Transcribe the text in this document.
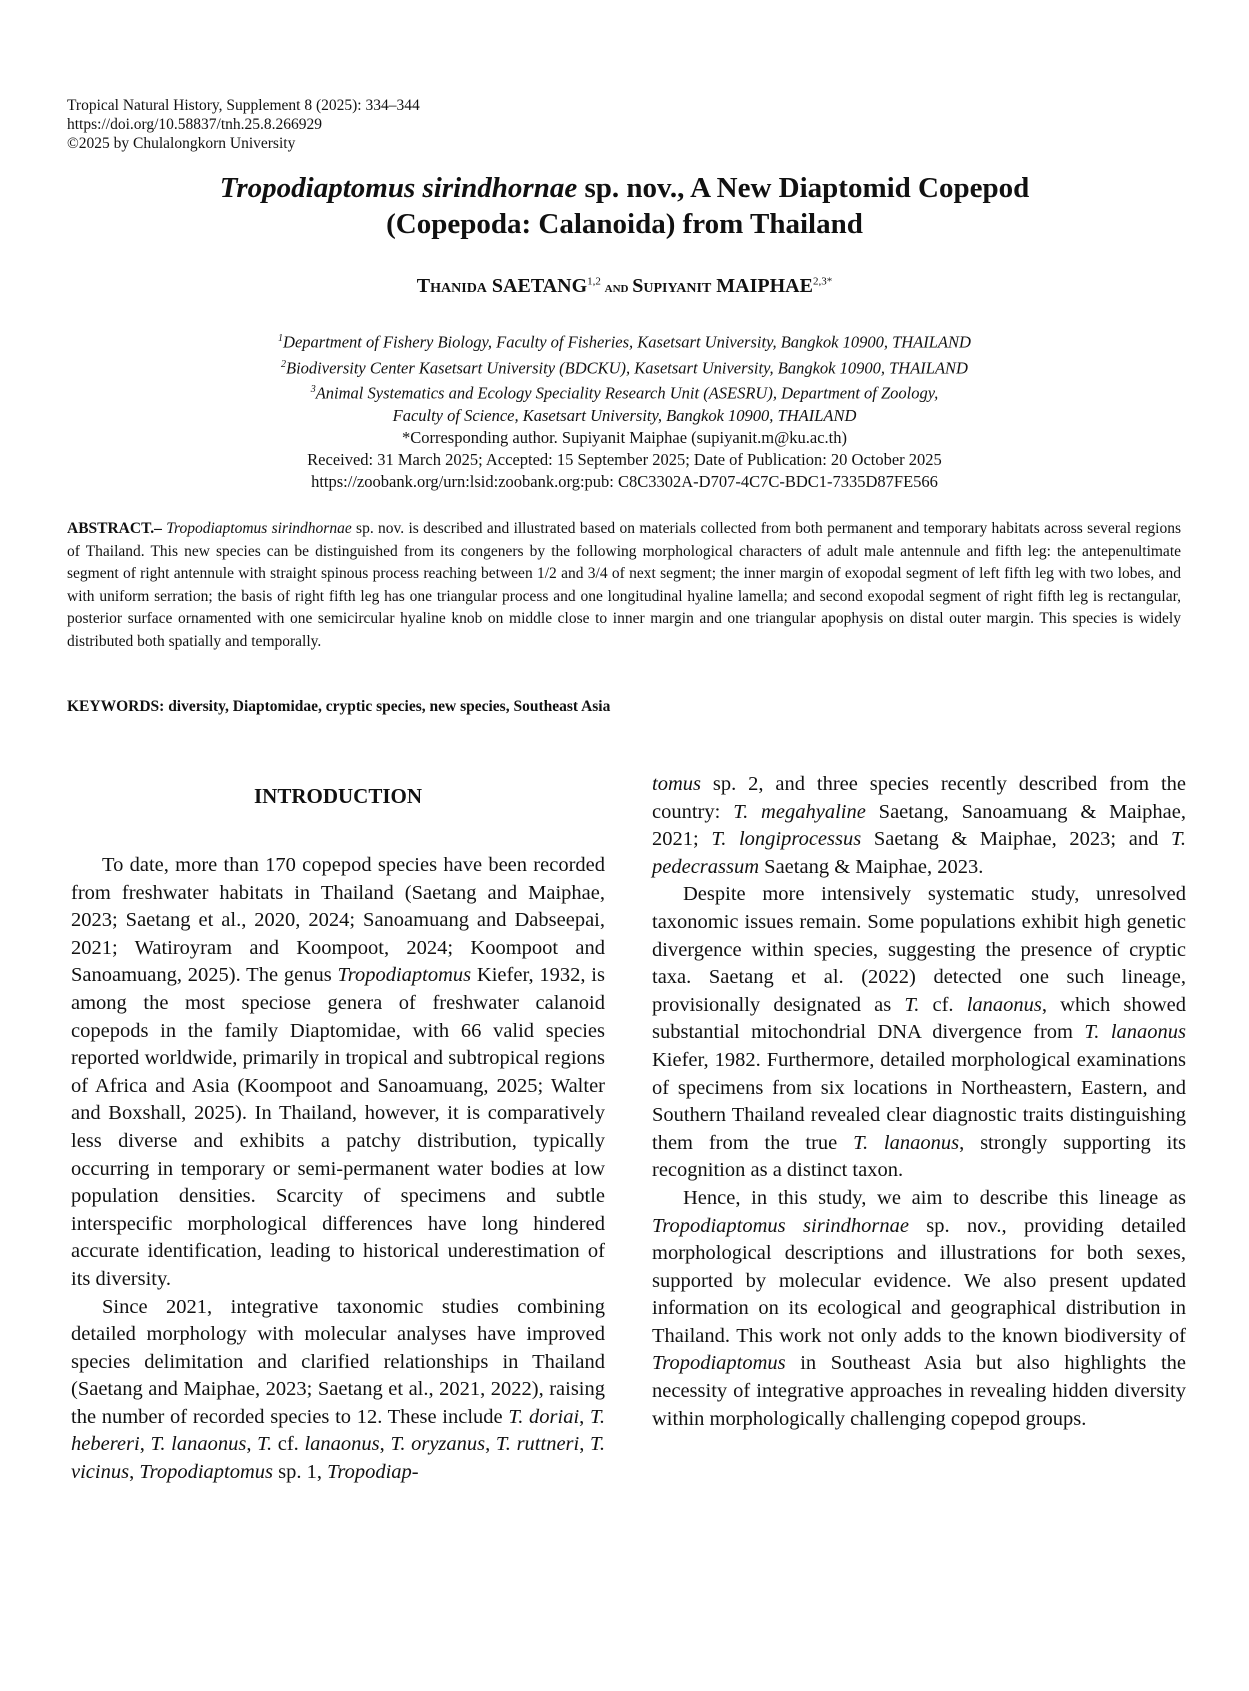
Tropical Natural History, Supplement 8 (2025): 334–344
https://doi.org/10.58837/tnh.25.8.266929
©2025 by Chulalongkorn University
Tropodiaptomus sirindhornae sp. nov., A New Diaptomid Copepod
(Copepoda: Calanoida) from Thailand
Thanida SAETANG$^{1,2}$ and Supiyanit $MAIPHAE^{2,3*}$
$^1$Department of Fishery Biology, Faculty of Fisheries, Kasetsart University, Bangkok 10900, THAILAND
$^2$Biodiversity Center Kasetsart University (BDCKU), Kasetsart University, Bangkok 10900, THAILAND
$^3$Animal Systematics and Ecology Speciality Research Unit (ASESRU), Department of Zoology,
Faculty of Science, Kasetsart University, Bangkok 10900, THAILAND
*Corresponding author. Supiyanit Maiphae (supiyanit.m@ku.ac.th)
Received: 31 March 2025; Accepted: 15 September 2025; Date of Publication: 20 October 2025
https://zoobank.org/urn:lsid:zoobank.org:pub: C8C3302A-D707-4C7C-BDC1-7335D87FE566
ABSTRACT.– Tropodiaptomus sirindhornae sp. nov. is described and illustrated based on materials collected from both permanent and temporary habitats across several regions of Thailand. This new species can be distinguished from its congeners by the following morphological characters of adult male antennule and fifth leg: the antepenultimate segment of right antennule with straight spinous process reaching between 1/2 and 3/4 of next segment; the inner margin of exopodal segment of left fifth leg with two lobes, and with uniform serration; the basis of right fifth leg has one triangular process and one longitudinal hyaline lamella; and second exopodal segment of right fifth leg is rectangular, posterior surface ornamented with one semicircular hyaline knob on middle close to inner margin and one triangular apophysis on distal outer margin. This species is widely distributed both spatially and temporally.
KEYWORDS: diversity, Diaptomidae, cryptic species, new species, Southeast Asia
INTRODUCTION

To date, more than 170 copepod species have been recorded from freshwater habitats in Thailand (Saetang and Maiphae, 2023; Saetang et al., 2020, 2024; Sanoamuang and Dabseepai, 2021; Watiroyram and Koompoot, 2024; Koompoot and Sanoamuang, 2025). The genus Tropodiaptomus Kiefer, 1932, is among the most speciose genera of freshwater calanoid copepods in the family Diaptomidae, with 66 valid species reported worldwide, primarily in tropical and subtropical regions of Africa and Asia (Koompoot and Sanoamuang, 2025; Walter and Boxshall, 2025). In Thailand, however, it is comparatively less diverse and exhibits a patchy distribution, typically occurring in temporary or semi-permanent water bodies at low population densities. Scarcity of specimens and subtle interspecific morphological differences have long hindered accurate identification, leading to historical underestimation of its diversity.

Since 2021, integrative taxonomic studies combining detailed morphology with molecular analyses have improved species delimitation and clarified relationships in Thailand (Saetang and Maiphae, 2023; Saetang et al., 2021, 2022), raising the number of recorded species to 12. These include T. doriai, T. hebereri, T. lanaonus, T. cf. lanaonus, T. oryzanus, T. ruttneri, T. vicinus, Tropodiaptomus sp. 1, Tropodiap-

tomus sp. 2, and three species recently described from the country: T. megahyaline Saetang, Sanoamuang & Maiphae, 2021; T. longiprocessus Saetang & Maiphae, 2023; and T. pedecrassum Saetang & Maiphae, 2023.

Despite more intensively systematic study, unresolved taxonomic issues remain. Some populations exhibit high genetic divergence within species, suggesting the presence of cryptic taxa. Saetang et al. (2022) detected one such lineage, provisionally designated as T. cf. lanaonus, which showed substantial mitochondrial DNA divergence from T. lanaonus Kiefer, 1982. Furthermore, detailed morphological examinations of specimens from six locations in Northeastern, Eastern, and Southern Thailand revealed clear diagnostic traits distinguishing them from the true T. lanaonus, strongly supporting its recognition as a distinct taxon.

Hence, in this study, we aim to describe this lineage as Tropodiaptomus sirindhornae sp. nov., providing detailed morphological descriptions and illustrations for both sexes, supported by molecular evidence. We also present updated information on its ecological and geographical distribution in Thailand. This work not only adds to the known biodiversity of Tropodiaptomus in Southeast Asia but also highlights the necessity of integrative approaches in revealing hidden diversity within morphologically challenging copepod groups.
